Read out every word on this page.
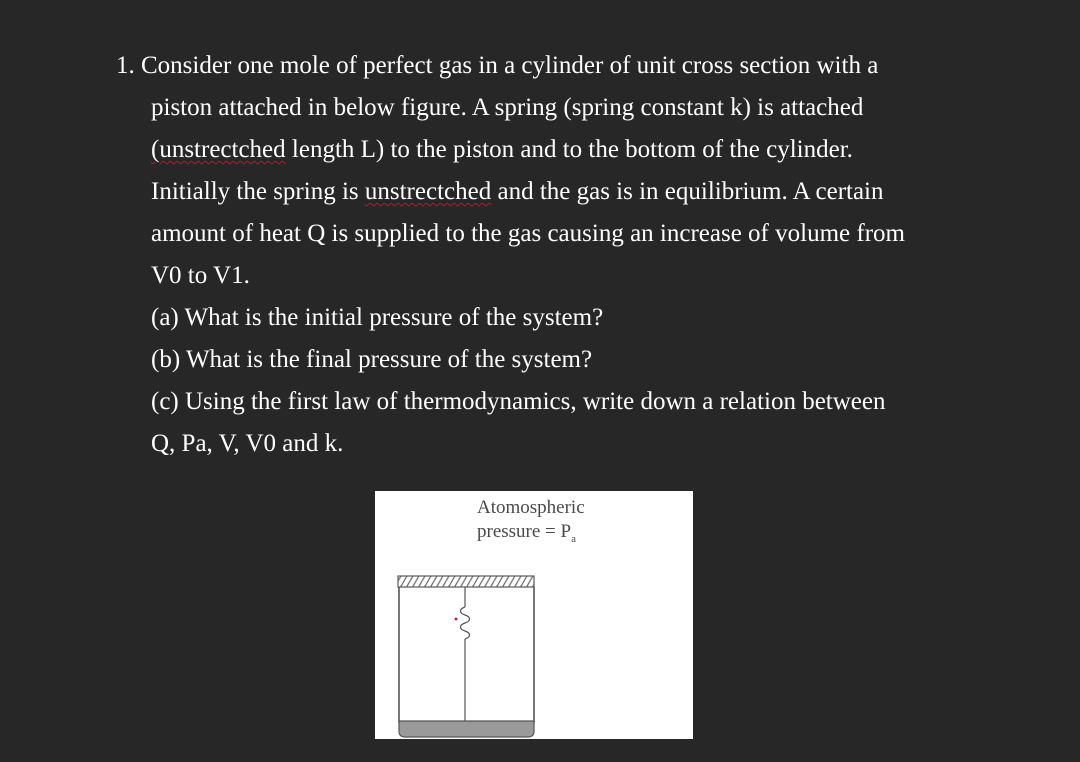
1. Consider one mole of perfect gas in a cylinder of unit cross section with a
piston attached in below figure. A spring (spring constant k) is attached
(unstrectched length L) to the piston and to the bottom of the cylinder.
Initially the spring is unstrectched and the gas is in equilibrium. A certain
amount of heat Q is supplied to the gas causing an increase of volume from
V0 to V1.
(a) What is the initial pressure of the system?
(b) What is the final pressure of the system?
(c) Using the first law of thermodynamics, write down a relation between
Q, Pa, V, V0 and k.
Atomospheric
pressure = $P_a$
